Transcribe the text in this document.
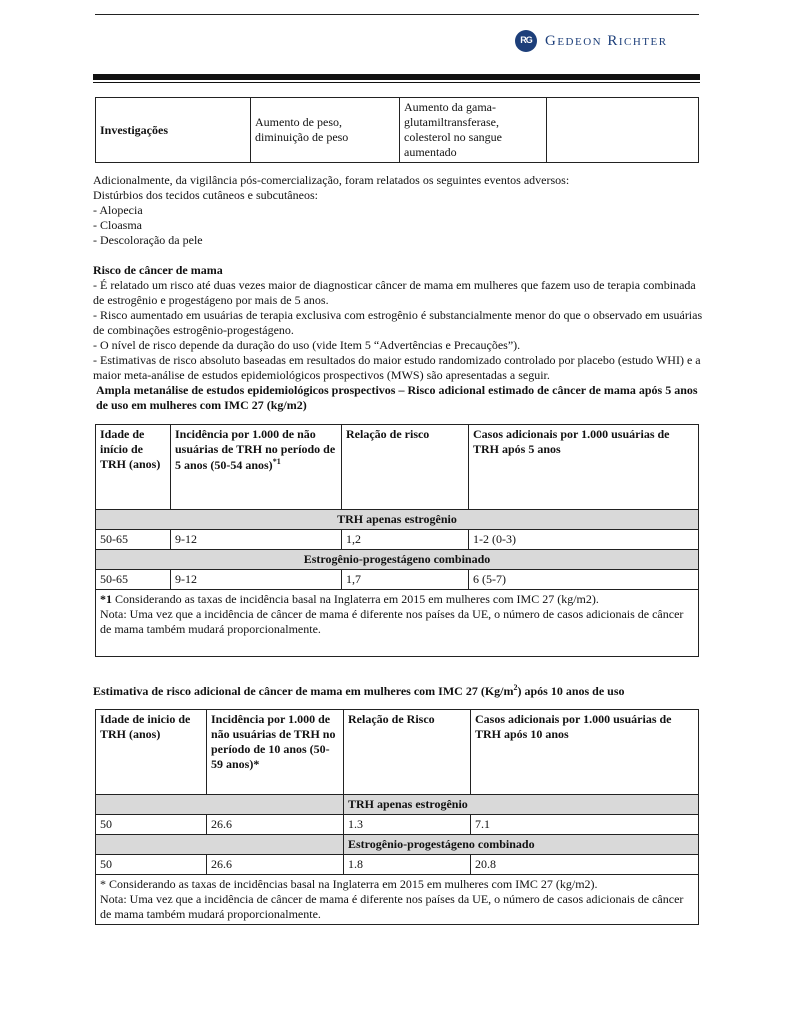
RG Gedeon Richter
Investigações	Aumento de peso, diminuição de peso	Aumento da gama-glutamiltransferase, colesterol no sangue aumentado	

Adicionalmente, da vigilância pós-comercialização, foram relatados os seguintes eventos adversos:

Distúrbios dos tecidos cutâneos e subcutâneos:

- Alopecia

- Cloasma

- Descoloração da pele

Risco de câncer de mama

- É relatado um risco até duas vezes maior de diagnosticar câncer de mama em mulheres que fazem uso de terapia combinada de estrogênio e progestágeno por mais de 5 anos.

- Risco aumentado em usuárias de terapia exclusiva com estrogênio é substancialmente menor do que o observado em usuárias de combinações estrogênio-progestágeno.

- O nível de risco depende da duração do uso (vide Item 5 “Advertências e Precauções”).

- Estimativas de risco absoluto baseadas em resultados do maior estudo randomizado controlado por placebo (estudo WHI) e a maior meta-análise de estudos epidemiológicos prospectivos (MWS) são apresentadas a seguir.

Ampla metanálise de estudos epidemiológicos prospectivos – Risco adicional estimado de câncer de mama após 5 anos de uso em mulheres com IMC 27 (kg/m2)

Idade de início de TRH (anos)	Incidência por 1.000 de não usuárias de TRH no período de 5 anos (50-54 anos)$^{*1}$	Relação de risco	Casos adicionais por 1.000 usuárias de TRH após 5 anos
TRH apenas estrogênio			
50-65	9-12	1,2	1-2 (0-3)
Estrogênio-progestágeno combinado			
50-65	9-12	1,7	6 (5-7)
*1 Considerando as taxas de incidência basal na Inglaterra em 2015 em mulheres com IMC 27 (kg/m2).
Nota: Uma vez que a incidência de câncer de mama é diferente nos países da UE, o número de casos adicionais de câncer de mama também mudará proporcionalmente.			
Estimativa de risco adicional de câncer de mama em mulheres com IMC 27 $(Kg/m^2)$ após 10 anos de uso
Idade de inicio de TRH (anos)	Incidência por 1.000 de não usuárias de TRH no período de 10 anos (50-59 anos)*	Relação de Risco	Casos adicionais por 1.000 usuárias de TRH após 10 anos
		TRH apenas estrogênio	
50	26.6	1.3	7.1
		Estrogênio-progestágeno combinado	
50	26.6	1.8	20.8
* Considerando as taxas de incidências basal na Inglaterra em 2015 em mulheres com IMC 27 (kg/m2).
Nota: Uma vez que a incidência de câncer de mama é diferente nos países da UE, o número de casos adicionais de câncer de mama também mudará proporcionalmente.			
